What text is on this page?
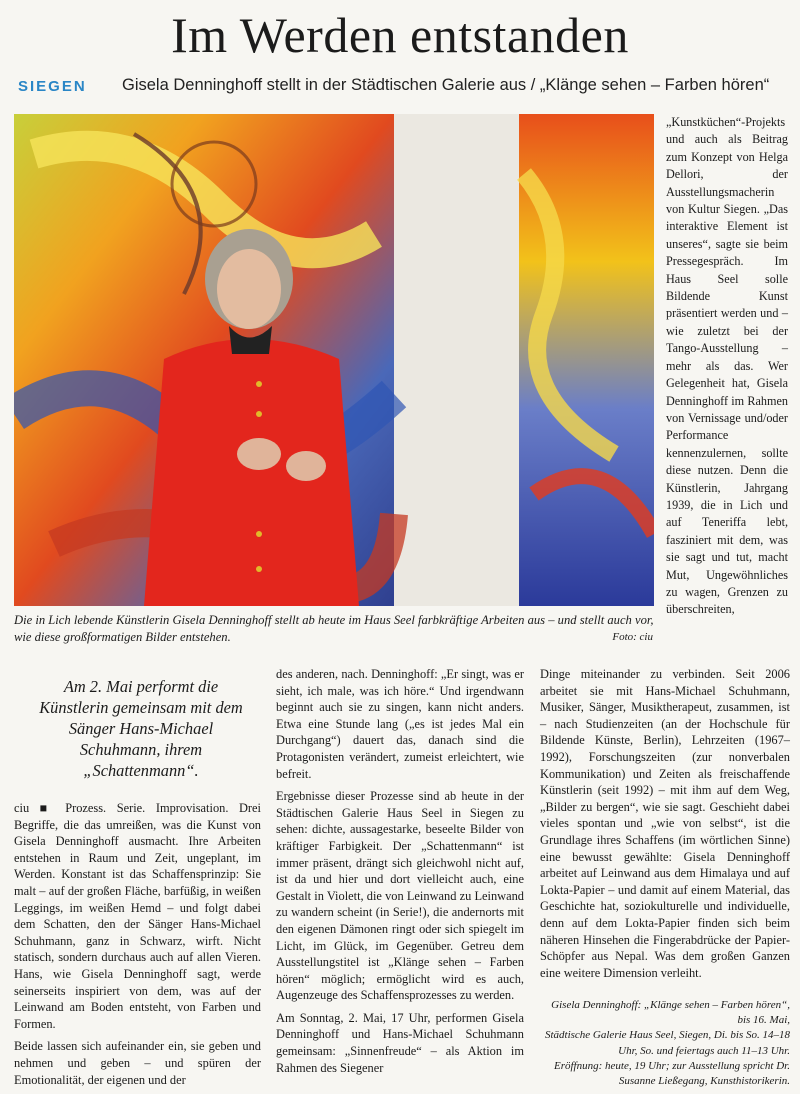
Im Werden entstanden
SIEGEN Gisela Denninghoff stellt in der Städtischen Galerie aus / „Klänge sehen – Farben hören“
Die in Lich lebende Künstlerin Gisela Denninghoff stellt ab heute im Haus Seel farbkräftige Arbeiten aus – und stellt auch vor, wie diese großformatigen Bilder entstehen.	Foto: ciu

„Kunstküchen“-Projekts und auch als Beitrag zum Konzept von Helga Dellori, der Ausstellungsmacherin von Kultur Siegen. „Das interaktive Element ist unseres“, sagte sie beim Pressegespräch. Im Haus Seel solle Bildende Kunst präsentiert werden und – wie zuletzt bei der Tango-Ausstellung – mehr als das. Wer Gelegenheit hat, Gisela Denninghoff im Rahmen von Vernissage und/oder Performance kennenzulernen, sollte diese nutzen. Denn die Künstlerin, Jahrgang 1939, die in Lich und auf Teneriffa lebt, fasziniert mit dem, was sie sagt und tut, macht Mut, Ungewöhnliches zu wagen, Grenzen zu überschreiten,

Am 2. Mai performt die Künstlerin gemeinsam mit dem Sänger Hans-Michael Schuhmann, ihrem „Schattenmann“.

ciu ■ Prozess. Serie. Improvisation. Drei Begriffe, die das umreißen, was die Kunst von Gisela Denninghoff ausmacht. Ihre Arbeiten entstehen in Raum und Zeit, ungeplant, im Werden. Konstant ist das Schaffensprinzip: Sie malt – auf der großen Fläche, barfüßig, in weißen Leggings, im weißen Hemd – und folgt dabei dem Schatten, den der Sänger Hans-Michael Schuhmann, ganz in Schwarz, wirft. Nicht statisch, sondern durchaus auch auf allen Vieren. Hans, wie Gisela Denninghoff sagt, werde seinerseits inspiriert von dem, was auf der Leinwand am Boden entsteht, von Farben und Formen.

Beide lassen sich aufeinander ein, sie geben und nehmen und geben – und spüren der Emotionalität, der eigenen und der

des anderen, nach. Denninghoff: „Er singt, was er sieht, ich male, was ich höre.“ Und irgendwann beginnt auch sie zu singen, kann nicht anders. Etwa eine Stunde lang („es ist jedes Mal ein Durchgang“) dauert das, danach sind die Protagonisten verändert, zumeist erleichtert, wie befreit.

Ergebnisse dieser Prozesse sind ab heute in der Städtischen Galerie Haus Seel in Siegen zu sehen: dichte, aussagestarke, beseelte Bilder von kräftiger Farbigkeit. Der „Schattenmann“ ist immer präsent, drängt sich gleichwohl nicht auf, ist da und hier und dort vielleicht auch, eine Gestalt in Violett, die von Leinwand zu Leinwand zu wandern scheint (in Serie!), die andernorts mit den eigenen Dämonen ringt oder sich spiegelt im Licht, im Glück, im Gegenüber. Getreu dem Ausstellungstitel ist „Klänge sehen – Farben hören“ möglich; ermöglicht wird es auch, Augenzeuge des Schaffensprozesses zu werden.

Am Sonntag, 2. Mai, 17 Uhr, performen Gisela Denninghoff und Hans-Michael Schuhmann gemeinsam: „Sinnenfreude“ – als Aktion im Rahmen des Siegener

Dinge miteinander zu verbinden. Seit 2006 arbeitet sie mit Hans-Michael Schuhmann, Musiker, Sänger, Musiktherapeut, zusammen, ist – nach Studienzeiten (an der Hochschule für Bildende Künste, Berlin), Lehrzeiten (1967–1992), Forschungszeiten (zur nonverbalen Kommunikation) und Zeiten als freischaffende Künstlerin (seit 1992) – mit ihm auf dem Weg, „Bilder zu bergen“, wie sie sagt. Geschieht dabei vieles spontan und „wie von selbst“, ist die Grundlage ihres Schaffens (im wörtlichen Sinne) eine bewusst gewählte: Gisela Denninghoff arbeitet auf Leinwand aus dem Himalaya und auf Lokta-Papier – und damit auf einem Material, das Geschichte hat, soziokulturelle und individuelle, denn auf dem Lokta-Papier finden sich beim näheren Hinsehen die Fingerabdrücke der Papier-Schöpfer aus Nepal. Was dem großen Ganzen eine weitere Dimension verleiht.

Gisela Denninghoff: „Klänge sehen – Farben hören“, bis 16. Mai,
Städtische Galerie Haus Seel, Siegen, Di. bis So. 14–18 Uhr, So. und feiertags auch 11–13 Uhr.
Eröffnung: heute, 19 Uhr; zur Ausstellung spricht Dr. Susanne Ließegang, Kunsthistorikerin.
